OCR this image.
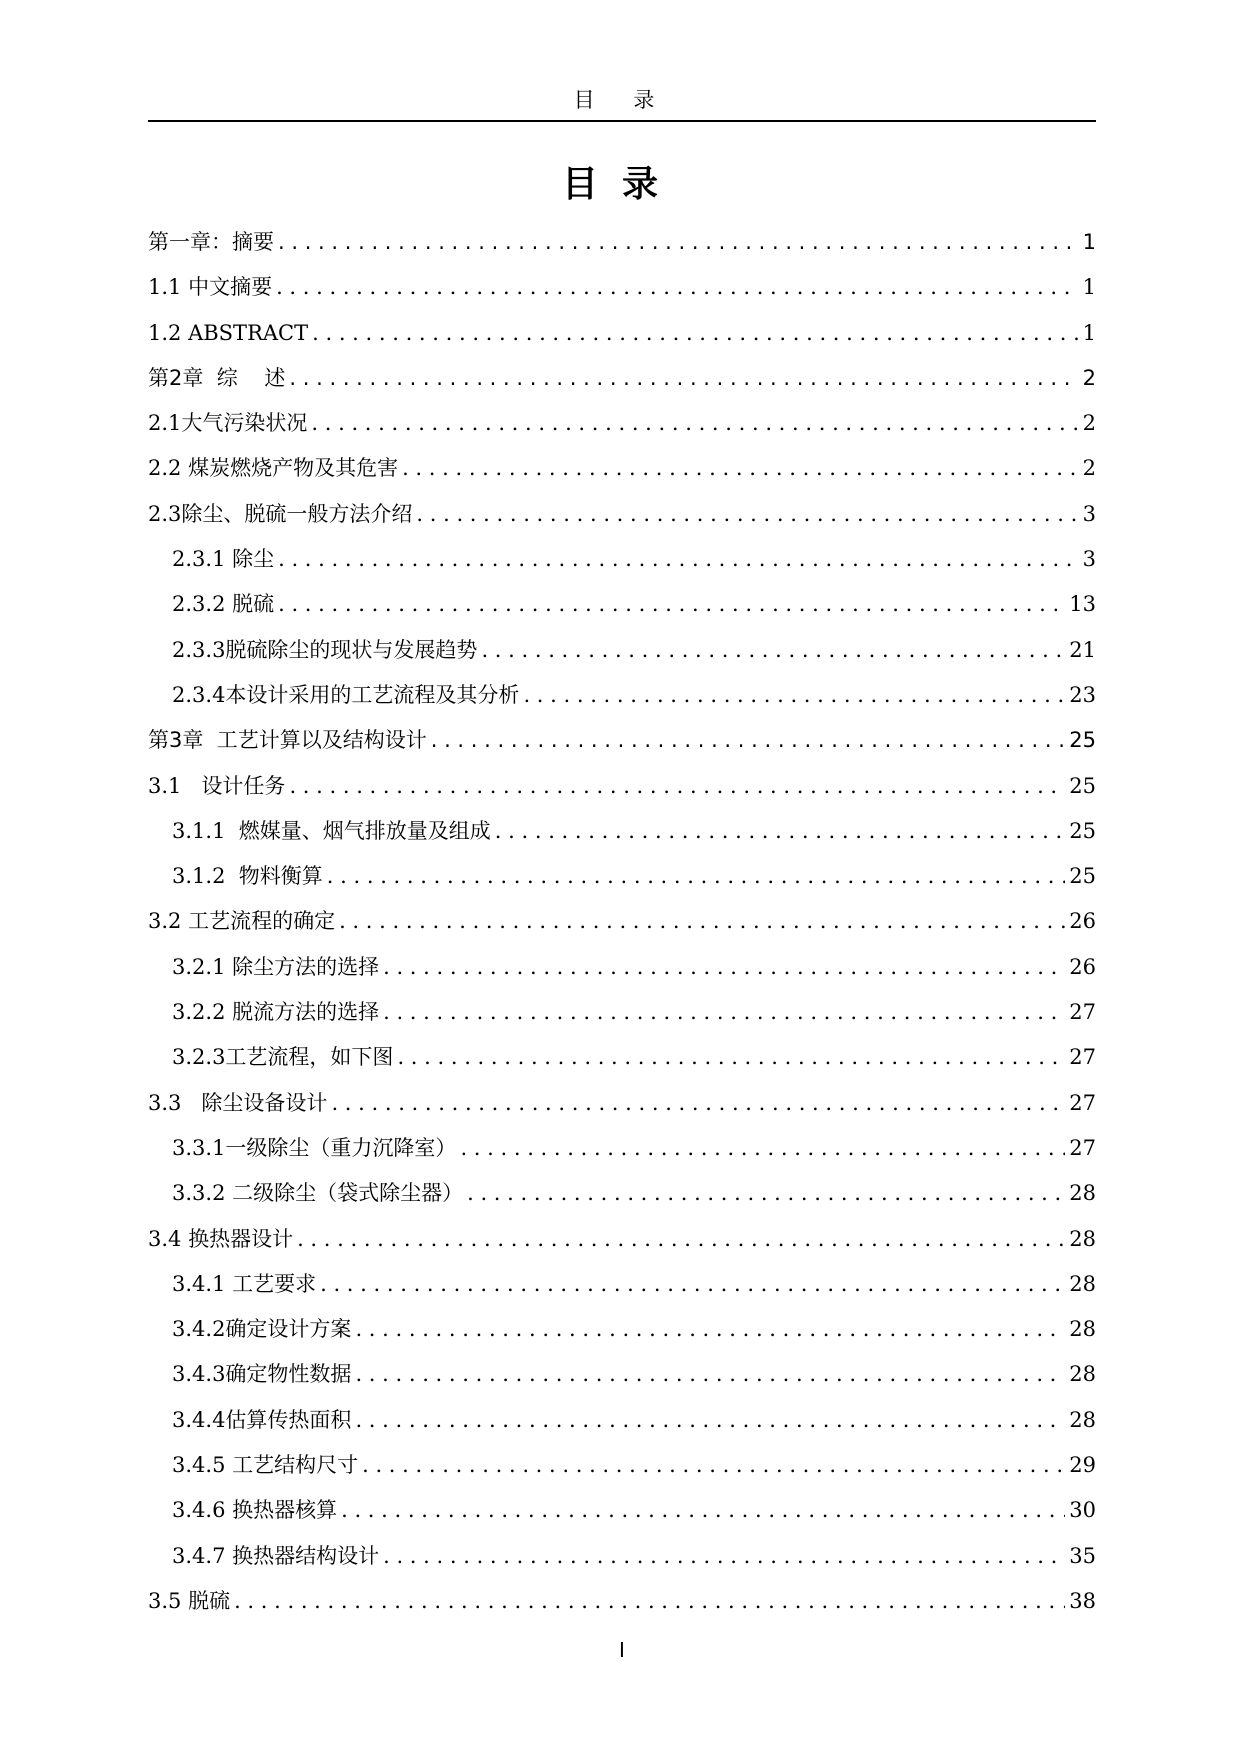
目 录
目录
第一章：摘要 . . .	1
1.1 中文摘要 . . .	1
1.2 ABSTRACT . . .	1
第2章  综    述 . . .	2
2.1大气污染状况 . . .	2
2.2 煤炭燃烧产物及其危害 . . .	2
2.3除尘、脱硫一般方法介绍 . . .	3
2.3.1 除尘 . . .	3
2.3.2 脱硫 . . .	13
2.3.3脱硫除尘的现状与发展趋势 . . .	21
2.3.4本设计采用的工艺流程及其分析 . . .	23
第3章  工艺计算以及结构设计 . . .	25
3.1   设计任务 . . .	25
3.1.1  燃媒量、烟气排放量及组成 . . .	25
3.1.2  物料衡算 . . .	25
3.2 工艺流程的确定 . . .	26
3.2.1 除尘方法的选择 . . .	26
3.2.2 脱流方法的选择 . . .	27
3.2.3工艺流程，如下图 . . .	27
3.3   除尘设备设计 . . .	27
3.3.1一级除尘（重力沉降室） . . .	27
3.3.2 二级除尘（袋式除尘器） . . .	28
3.4 换热器设计 . . .	28
3.4.1 工艺要求 . . .	28
3.4.2确定设计方案 . . .	28
3.4.3确定物性数据 . . .	28
3.4.4估算传热面积 . . .	28
3.4.5 工艺结构尺寸 . . .	29
3.4.6 换热器核算 . . .	30
3.4.7 换热器结构设计 . . .	35
3.5 脱硫 . . .	38
I
